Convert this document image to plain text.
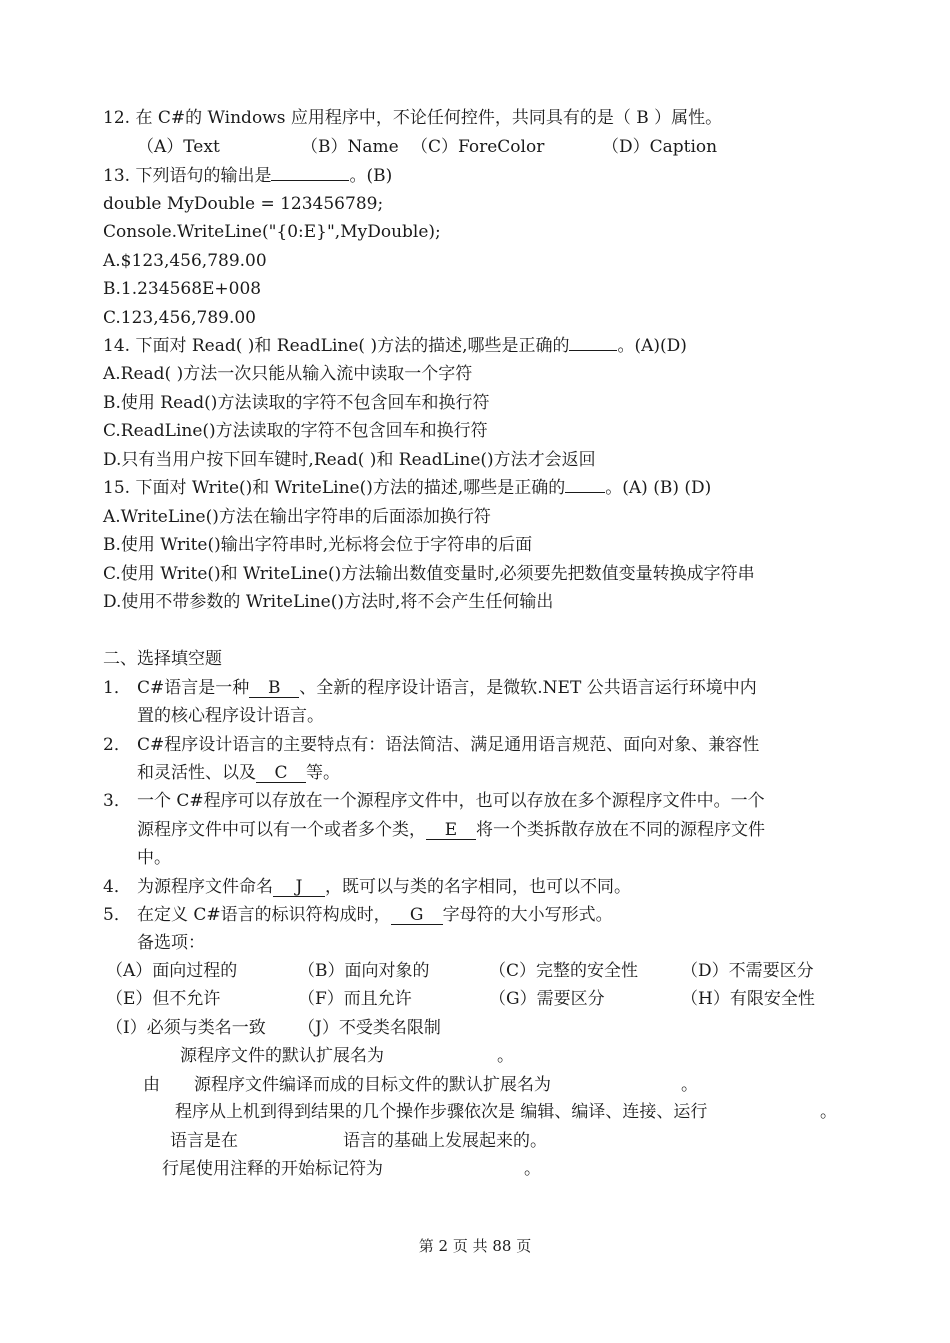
12. 在 C#的 Windows 应用程序中，不论任何控件，共同具有的是（ B ）属性。
（A）Text	（B）Name （C）ForeColor	（D）Caption
13. 下列语句的输出是	。(B)
double MyDouble = 123456789;
Console.WriteLine("{0:E}",MyDouble);
A.$123,456,789.00
B.1.234568E+008
C.123,456,789.00
14. 下面对 Read( )和 ReadLine( )方法的描述,哪些是正确的	。(A)(D)
A.Read( )方法一次只能从输入流中读取一个字符
B.使用 Read()方法读取的字符不包含回车和换行符
C.ReadLine()方法读取的字符不包含回车和换行符
D.只有当用户按下回车键时,Read( )和 ReadLine()方法才会返回
15. 下面对 Write()和 WriteLine()方法的描述,哪些是正确的 。(A) (B) (D)
A.WriteLine()方法在输出字符串的后面添加换行符
B.使用 Write()输出字符串时,光标将会位于字符串的后面
C.使用 Write()和 WriteLine()方法输出数值变量时,必须要先把数值变量转换成字符串
D.使用不带参数的 WriteLine()方法时,将不会产生任何输出
二、选择填空题
1． C#语言是一种 B 、全新的程序设计语言，是微软.NET 公共语言运行环境中内
置的核心程序设计语言。
2． C#程序设计语言的主要特点有：语法简洁、满足通用语言规范、面向对象、兼容性
和灵活性、以及 C 等。
3． 一个 C#程序可以存放在一个源程序文件中，也可以存放在多个源程序文件中。一个
源程序文件中可以有一个或者多个类， E 将一个类拆散存放在不同的源程序文件
中。
4． 为源程序文件命名 J ，既可以与类的名字相同，也可以不同。
5． 在定义 C#语言的标识符构成时， G 字母符的大小写形式。
备选项：
（A）面向过程的	（B）面向对象的	（C）完整的安全性	（D）不需要区分
（E）但不允许	（F）而且允许	（G）需要区分	（H）有限安全性
（I）必须与类名一致 （J）不受类名限制
源程序文件的默认扩展名为	。
由 源程序文件编译而成的目标文件的默认扩展名为	。
程序从上机到得到结果的几个操作步骤依次是 编辑、编译、连接、运行	。
语言是在	语言的基础上发展起来的。
行尾使用注释的开始标记符为	。
第 2 页 共 88 页
